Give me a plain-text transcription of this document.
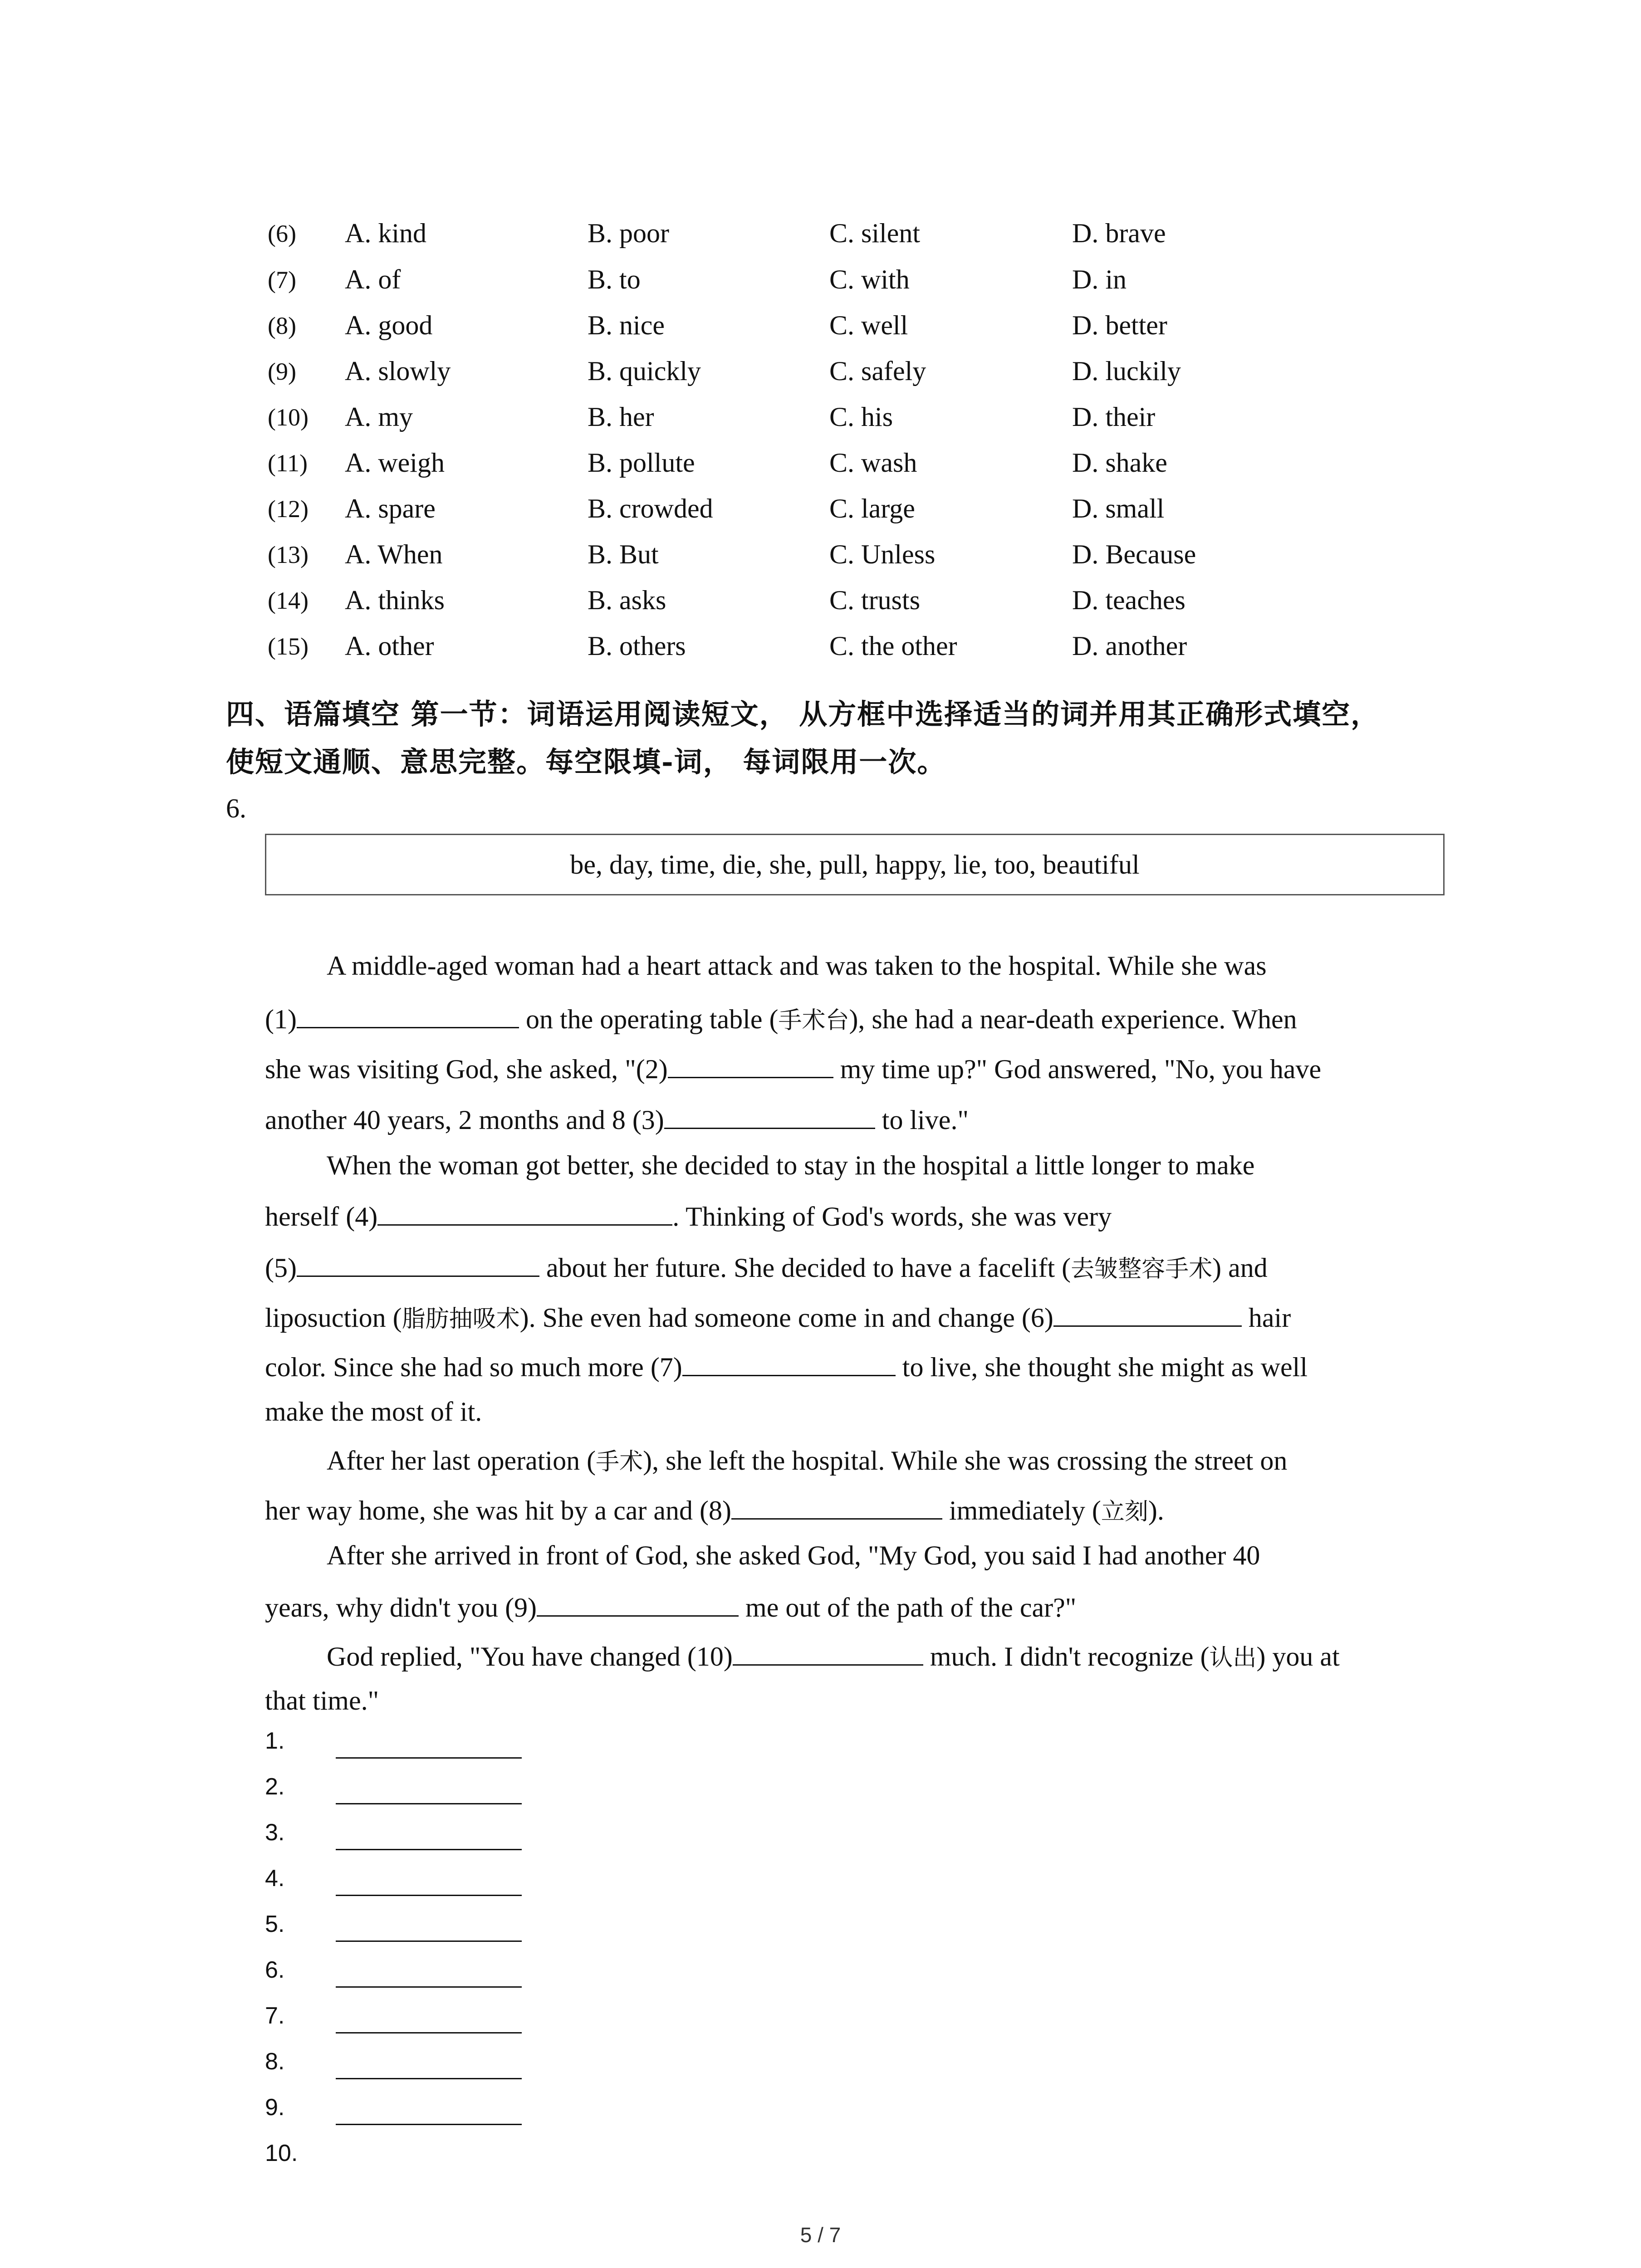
(6) A. kind	B. poor	C. silent	D. brave
(7) A. of	B. to	C. with	D. in
(8) A. good	B. nice	C. well	D. better
(9) A. slowly	B. quickly	C. safely	D. luckily
(10) A. my	B. her	C. his	D. their
(11) A. weigh	B. pollute	C. wash	D. shake
(12) A. spare	B. crowded	C. large	D. small
(13) A. When	B. But	C. Unless	D. Because
(14) A. thinks	B. asks	C. trusts	D. teaches
(15) A. other	B. others	C. the other	D. another
四、语篇填空 第一节：词语运用阅读短文， 从方框中选择适当的词并用其正确形式填空，
使短文通顺、意思完整。每空限填-词， 每词限用一次。
6.
be, day, time, die, she, pull, happy, lie, too, beautiful
A middle-aged woman had a heart attack and was taken to the hospital. While she was
(1)	on the operating table (手术台), she had a near-death experience. When
she was visiting God, she asked, "(2)	my time up?" God answered, "No, you have
another 40 years, 2 months and 8 (3)	to live."
When the woman got better, she decided to stay in the hospital a little longer to make
herself (4)	. Thinking of God's words, she was very
(5)	about her future. She decided to have a facelift (去皱整容手术) and
liposuction (脂肪抽吸术). She even had someone come in and change (6)	hair
color. Since she had so much more (7)	to live, she thought she might as well
make the most of it.
After her last operation (手术), she left the hospital. While she was crossing the street on
her way home, she was hit by a car and (8)	immediately (立刻).
After she arrived in front of God, she asked God, "My God, you said I had another 40
years, why didn't you (9)	me out of the path of the car?"
God replied, "You have changed (10)	much. I didn't recognize (认出) you at
that time."
1.
2.
3.
4.
5.
6.
7.
8.
9.
10.
5 / 7
